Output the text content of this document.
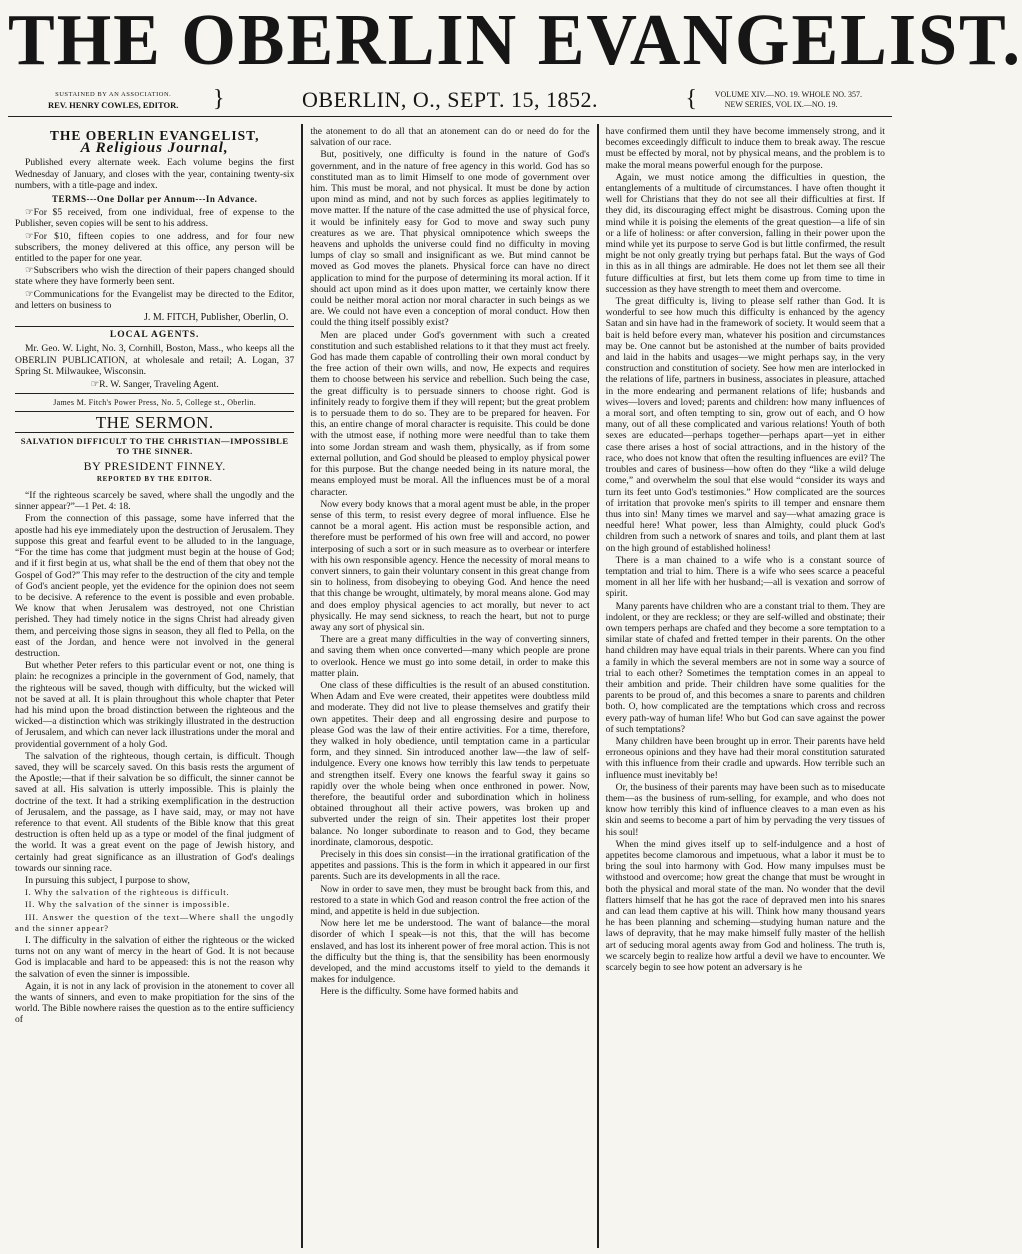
THE OBERLIN EVANGELIST.
SUSTAINED BY AN ASSOCIATION.
REV. HENRY COWLES, EDITOR. }	OBERLIN, O., SEPT. 15, 1852.	{ VOLUME XIV.—NO. 19. WHOLE NO. 357.
NEW SERIES, VOL IX.—NO. 19.
THE OBERLIN EVANGELIST,
A Religious Journal,

Published every alternate week. Each volume begins the first Wednesday of January, and closes with the year, containing twenty-six numbers, with a title-page and index.

TERMS---One Dollar per Annum---In Advance.

☞For $5 received, from one individual, free of expense to the Publisher, seven copies will be sent to his address.

☞For $10, fifteen copies to one address, and for four new subscribers, the money delivered at this office, any person will be entitled to the paper for one year.

☞Subscribers who wish the direction of their papers changed should state where they have formerly been sent.

☞Communications for the Evangelist may be directed to the Editor, and letters on business to

J. M. FITCH, Publisher, Oberlin, O.
LOCAL AGENTS.

Mr. Geo. W. Light, No. 3, Cornhill, Boston, Mass., who keeps all the OBERLIN PUBLICATION, at wholesale and retail; A. Logan, 37 Spring St. Milwaukee, Wisconsin.

☞R. W. Sanger, Traveling Agent.
James M. Fitch's Power Press, No. 5, College st., Oberlin.
THE SERMON.
SALVATION DIFFICULT TO THE CHRISTIAN—IMPOSSIBLE TO THE SINNER.
BY PRESIDENT FINNEY.
REPORTED BY THE EDITOR.

“If the righteous scarcely be saved, where shall the ungodly and the sinner appear?”—1 Pet. 4: 18.

From the connection of this passage, some have inferred that the apostle had his eye immediately upon the destruction of Jerusalem. They suppose this great and fearful event to be alluded to in the language, “For the time has come that judgment must begin at the house of God; and if it first begin at us, what shall be the end of them that obey not the Gospel of God?” This may refer to the destruction of the city and temple of God's ancient people, yet the evidence for the opinion does not seem to be decisive. A reference to the event is possible and even probable. We know that when Jerusalem was destroyed, not one Christian perished. They had timely notice in the signs Christ had already given them, and perceiving those signs in season, they all fled to Pella, on the east of the Jordan, and hence were not involved in the general destruction.

But whether Peter refers to this particular event or not, one thing is plain: he recognizes a principle in the government of God, namely, that the righteous will be saved, though with difficulty, but the wicked will not be saved at all. It is plain throughout this whole chapter that Peter had his mind upon the broad distinction between the righteous and the wicked—a distinction which was strikingly illustrated in the destruction of Jerusalem, and which can never lack illustrations under the moral and providential government of a holy God.

The salvation of the righteous, though certain, is difficult. Though saved, they will be scarcely saved. On this basis rests the argument of the Apostle;—that if their salvation be so difficult, the sinner cannot be saved at all. His salvation is utterly impossible. This is plainly the doctrine of the text. It had a striking exemplification in the destruction of Jerusalem, and the passage, as I have said, may, or may not have reference to that event. All students of the Bible know that this great destruction is often held up as a type or model of the final judgment of the world. It was a great event on the page of Jewish history, and certainly had great significance as an illustration of God's dealings towards our sinning race.

In pursuing this subject, I purpose to show,

I. Why the salvation of the righteous is difficult.

II. Why the salvation of the sinner is impossible.

III. Answer the question of the text—Where shall the ungodly and the sinner appear?

I. The difficulty in the salvation of either the righteous or the wicked turns not on any want of mercy in the heart of God. It is not because God is implacable and hard to be appeased: this is not the reason why the salvation of even the sinner is impossible.

Again, it is not in any lack of provision in the atonement to cover all the wants of sinners, and even to make propitiation for the sins of the world. The Bible nowhere raises the question as to the entire sufficiency of

the atonement to do all that an atonement can do or need do for the salvation of our race.

But, positively, one difficulty is found in the nature of God's government, and in the nature of free agency in this world. God has so constituted man as to limit Himself to one mode of government over him. This must be moral, and not physical. It must be done by action upon mind as mind, and not by such forces as applies legitimately to move matter. If the nature of the case admitted the use of physical force, it would be infinitely easy for God to move and sway such puny creatures as we are. That physical omnipotence which sweeps the heavens and upholds the universe could find no difficulty in moving lumps of clay so small and insignificant as we. But mind cannot be moved as God moves the planets. Physical force can have no direct application to mind for the purpose of determining its moral action. If it should act upon mind as it does upon matter, we certainly know there could be neither moral action nor moral character in such beings as we are. We could not have even a conception of moral conduct. How then could the thing itself possibly exist?

Men are placed under God's government with such a created constitution and such established relations to it that they must act freely. God has made them capable of controlling their own moral conduct by the free action of their own wills, and now, He expects and requires them to choose between his service and rebellion. Such being the case, the great difficulty is to persuade sinners to choose right. God is infinitely ready to forgive them if they will repent; but the great problem is to persuade them to do so. They are to be prepared for heaven. For this, an entire change of moral character is requisite. This could be done with the utmost ease, if nothing more were needful than to take them into some Jordan stream and wash them, physically, as if from some external pollution, and God should be pleased to employ physical power for this purpose. But the change needed being in its nature moral, the means employed must be moral. All the influences must be of a moral character.

Now every body knows that a moral agent must be able, in the proper sense of this term, to resist every degree of moral influence. Else he cannot be a moral agent. His action must be responsible action, and therefore must be performed of his own free will and accord, no power interposing of such a sort or in such measure as to overbear or interfere with his own responsible agency. Hence the necessity of moral means to convert sinners, to gain their voluntary consent in this great change from sin to holiness, from disobeying to obeying God. And hence the need that this change be wrought, ultimately, by moral means alone. God may and does employ physical agencies to act morally, but never to act physically. He may send sickness, to reach the heart, but not to purge away any sort of physical sin.

There are a great many difficulties in the way of converting sinners, and saving them when once converted—many which people are prone to overlook. Hence we must go into some detail, in order to make this matter plain.

One class of these difficulties is the result of an abused constitution. When Adam and Eve were created, their appetites were doubtless mild and moderate. They did not live to please themselves and gratify their own appetites. Their deep and all engrossing desire and purpose to please God was the law of their entire activities. For a time, therefore, they walked in holy obedience, until temptation came in a particular form, and they sinned. Sin introduced another law—the law of self-indulgence. Every one knows how terribly this law tends to perpetuate and strengthen itself. Every one knows the fearful sway it gains so rapidly over the whole being when once enthroned in power. Now, therefore, the beautiful order and subordination which in holiness obtained throughout all their active powers, was broken up and subverted under the reign of sin. Their appetites lost their proper balance. No longer subordinate to reason and to God, they became inordinate, clamorous, despotic.

Precisely in this does sin consist—in the irrational gratification of the appetites and passions. This is the form in which it appeared in our first parents. Such are its developments in all the race.

Now in order to save men, they must be brought back from this, and restored to a state in which God and reason control the free action of the mind, and appetite is held in due subjection.

Now here let me be understood. The want of balance—the moral disorder of which I speak—is not this, that the will has become enslaved, and has lost its inherent power of free moral action. This is not the difficulty but the thing is, that the sensibility has been enormously developed, and the mind accustoms itself to yield to the demands it makes for indulgence.

Here is the difficulty. Some have formed habits and

have confirmed them until they have become immensely strong, and it becomes exceedingly difficult to induce them to break away. The rescue must be effected by moral, not by physical means, and the problem is to make the moral means powerful enough for the purpose.

Again, we must notice among the difficulties in question, the entanglements of a multitude of circumstances. I have often thought it well for Christians that they do not see all their difficulties at first. If they did, its discouraging effect might be disastrous. Coming upon the mind while it is poising the elements of the great question—a life of sin or a life of holiness: or after conversion, falling in their power upon the mind while yet its purpose to serve God is but little confirmed, the result might be not only greatly trying but perhaps fatal. But the ways of God in this as in all things are admirable. He does not let them see all their future difficulties at first, but lets them come up from time to time in succession as they have strength to meet them and overcome.

The great difficulty is, living to please self rather than God. It is wonderful to see how much this difficulty is enhanced by the agency Satan and sin have had in the framework of society. It would seem that a bait is held before every man, whatever his position and circumstances may be. One cannot but be astonished at the number of baits provided and laid in the habits and usages—we might perhaps say, in the very construction and constitution of society. See how men are interlocked in the relations of life, partners in business, associates in pleasure, attached in the more endearing and permanent relations of life; husbands and wives—lovers and loved; parents and children: how many influences of a moral sort, and often tempting to sin, grow out of each, and O how many, out of all these complicated and various relations! Youth of both sexes are educated—perhaps together—perhaps apart—yet in either case there arises a host of social attractions, and in the history of the race, who does not know that often the resulting influences are evil? The troubles and cares of business—how often do they “like a wild deluge come,” and overwhelm the soul that else would “consider its ways and turn its feet unto God's testimonies.” How complicated are the sources of irritation that provoke men's spirits to ill temper and ensnare them thus into sin! Many times we marvel and say—what amazing grace is needful here! What power, less than Almighty, could pluck God's children from such a network of snares and toils, and plant them at last on the high ground of established holiness!

There is a man chained to a wife who is a constant source of temptation and trial to him. There is a wife who sees scarce a peaceful moment in all her life with her husband;—all is vexation and sorrow of spirit.

Many parents have children who are a constant trial to them. They are indolent, or they are reckless; or they are self-willed and obstinate; their own tempers perhaps are chafed and they become a sore temptation to a similar state of chafed and fretted temper in their parents. On the other hand children may have equal trials in their parents. Where can you find a family in which the several members are not in some way a source of trial to each other? Sometimes the temptation comes in an appeal to their ambition and pride. Their children have some qualities for the parents to be proud of, and this becomes a snare to parents and children both. O, how complicated are the temptations which cross and recross every path-way of human life! Who but God can save against the power of such temptations?

Many children have been brought up in error. Their parents have held erroneous opinions and they have had their moral constitution saturated with this influence from their cradle and upwards. How terrible such an influence must inevitably be!

Or, the business of their parents may have been such as to miseducate them—as the business of rum-selling, for example, and who does not know how terribly this kind of influence cleaves to a man even as his skin and seems to become a part of him by pervading the very tissues of his soul!

When the mind gives itself up to self-indulgence and a host of appetites become clamorous and impetuous, what a labor it must be to bring the soul into harmony with God. How many impulses must be withstood and overcome; how great the change that must be wrought in both the physical and moral state of the man. No wonder that the devil flatters himself that he has got the race of depraved men into his snares and can lead them captive at his will. Think how many thousand years he has been planning and scheming—studying human nature and the laws of depravity, that he may make himself fully master of the hellish art of seducing moral agents away from God and holiness. The truth is, we scarcely begin to realize how artful a devil we have to encounter. We scarcely begin to see how potent an adversary is he
